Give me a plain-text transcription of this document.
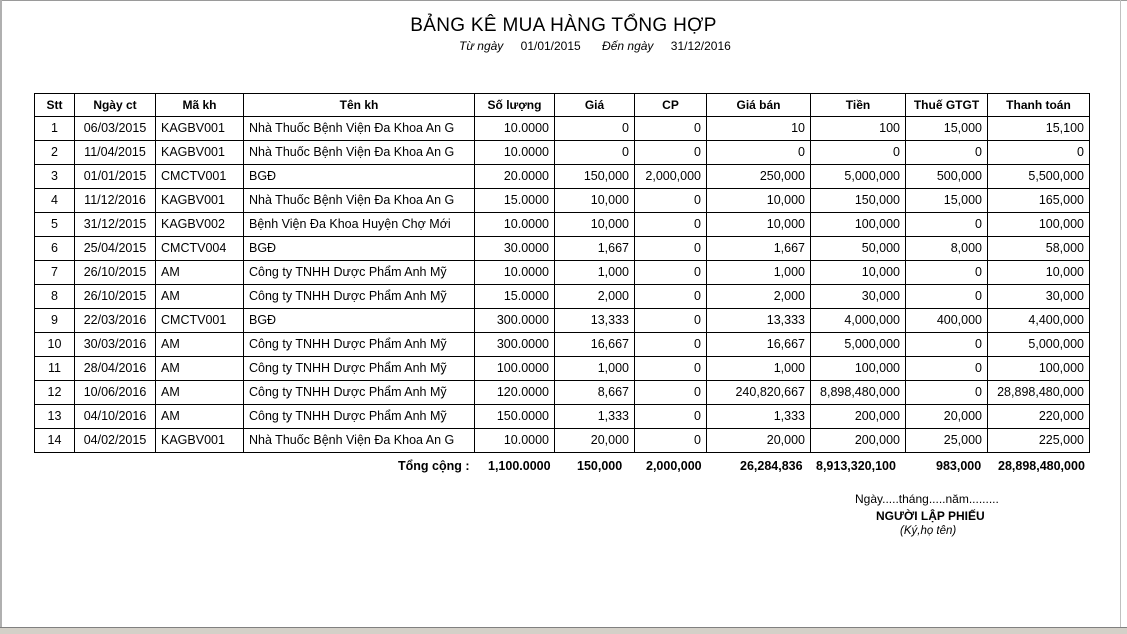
BẢNG KÊ MUA HÀNG TỔNG HỢP
Từ ngày 01/01/2015 Đến ngày 31/12/2016
Stt	Ngày ct	Mã kh	Tên kh	Số lượng	Giá	CP	Giá bán	Tiền	Thuế GTGT	Thanh toán
1	06/03/2015	KAGBV001	Nhà Thuốc Bệnh Viện Đa Khoa An G	10.0000	0	0	10	100	15,000	15,100
2	11/04/2015	KAGBV001	Nhà Thuốc Bệnh Viện Đa Khoa An G	10.0000	0	0	0	0	0	0
3	01/01/2015	CMCTV001	BGĐ	20.0000	150,000	2,000,000	250,000	5,000,000	500,000	5,500,000
4	11/12/2016	KAGBV001	Nhà Thuốc Bệnh Viện Đa Khoa An G	15.0000	10,000	0	10,000	150,000	15,000	165,000
5	31/12/2015	KAGBV002	Bệnh Viện Đa Khoa Huyện Chợ Mới	10.0000	10,000	0	10,000	100,000	0	100,000
6	25/04/2015	CMCTV004	BGĐ	30.0000	1,667	0	1,667	50,000	8,000	58,000
7	26/10/2015	AM	Công ty TNHH Dược Phẩm Anh Mỹ	10.0000	1,000	0	1,000	10,000	0	10,000
8	26/10/2015	AM	Công ty TNHH Dược Phẩm Anh Mỹ	15.0000	2,000	0	2,000	30,000	0	30,000
9	22/03/2016	CMCTV001	BGĐ	300.0000	13,333	0	13,333	4,000,000	400,000	4,400,000
10	30/03/2016	AM	Công ty TNHH Dược Phẩm Anh Mỹ	300.0000	16,667	0	16,667	5,000,000	0	5,000,000
11	28/04/2016	AM	Công ty TNHH Dược Phẩm Anh Mỹ	100.0000	1,000	0	1,000	100,000	0	100,000
12	10/06/2016	AM	Công ty TNHH Dược Phẩm Anh Mỹ	120.0000	8,667	0	240,820,667	8,898,480,000	0	28,898,480,000
13	04/10/2016	AM	Công ty TNHH Dược Phẩm Anh Mỹ	150.0000	1,333	0	1,333	200,000	20,000	220,000
14	04/02/2015	KAGBV001	Nhà Thuốc Bệnh Viện Đa Khoa An G	10.0000	20,000	0	20,000	200,000	25,000	225,000
Tổng cộng : 1,100.0000 150,000 2,000,000	26,284,836 8,913,320,100	983,000 28,898,480,000
Ngày.....tháng.....năm.........
NGƯỜI LẬP PHIẾU
(Ký,họ tên)
